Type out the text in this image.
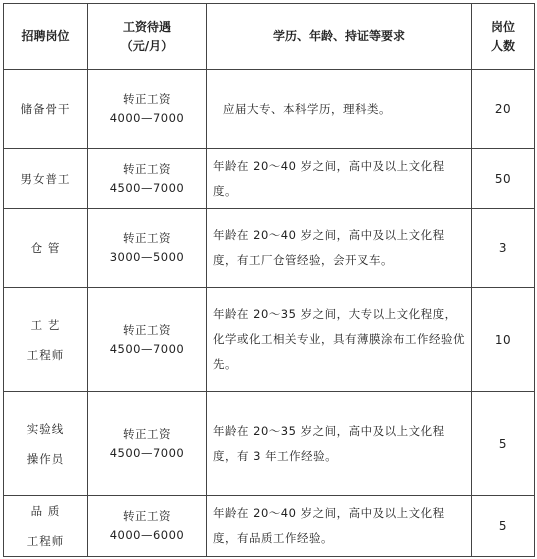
招聘岗位	工资待遇
（元/月）	学历、年龄、持证等要求	岗位
人数

储备骨干	转正工资
4000—7000	应届大专、本科学历，理科类。	20

男女普工	转正工资
4500—7000	年龄在 20～40 岁之间，高中及以上文化程度。	50

仓 管	转正工资
3000—5000	年龄在 20～40 岁之间，高中及以上文化程度，有工厂仓管经验，会开叉车。	3

工 艺
工程师	转正工资
4500—7000	年龄在 20～35 岁之间，大专以上文化程度，化学或化工相关专业，具有薄膜涂布工作经验优先。	10

实验线
操作员	转正工资
4500—7000	年龄在 20～35 岁之间，高中及以上文化程度，有 3 年工作经验。	5

品 质
工程师	转正工资
4000—6000	年龄在 20～40 岁之间，高中及以上文化程度，有品质工作经验。	5
